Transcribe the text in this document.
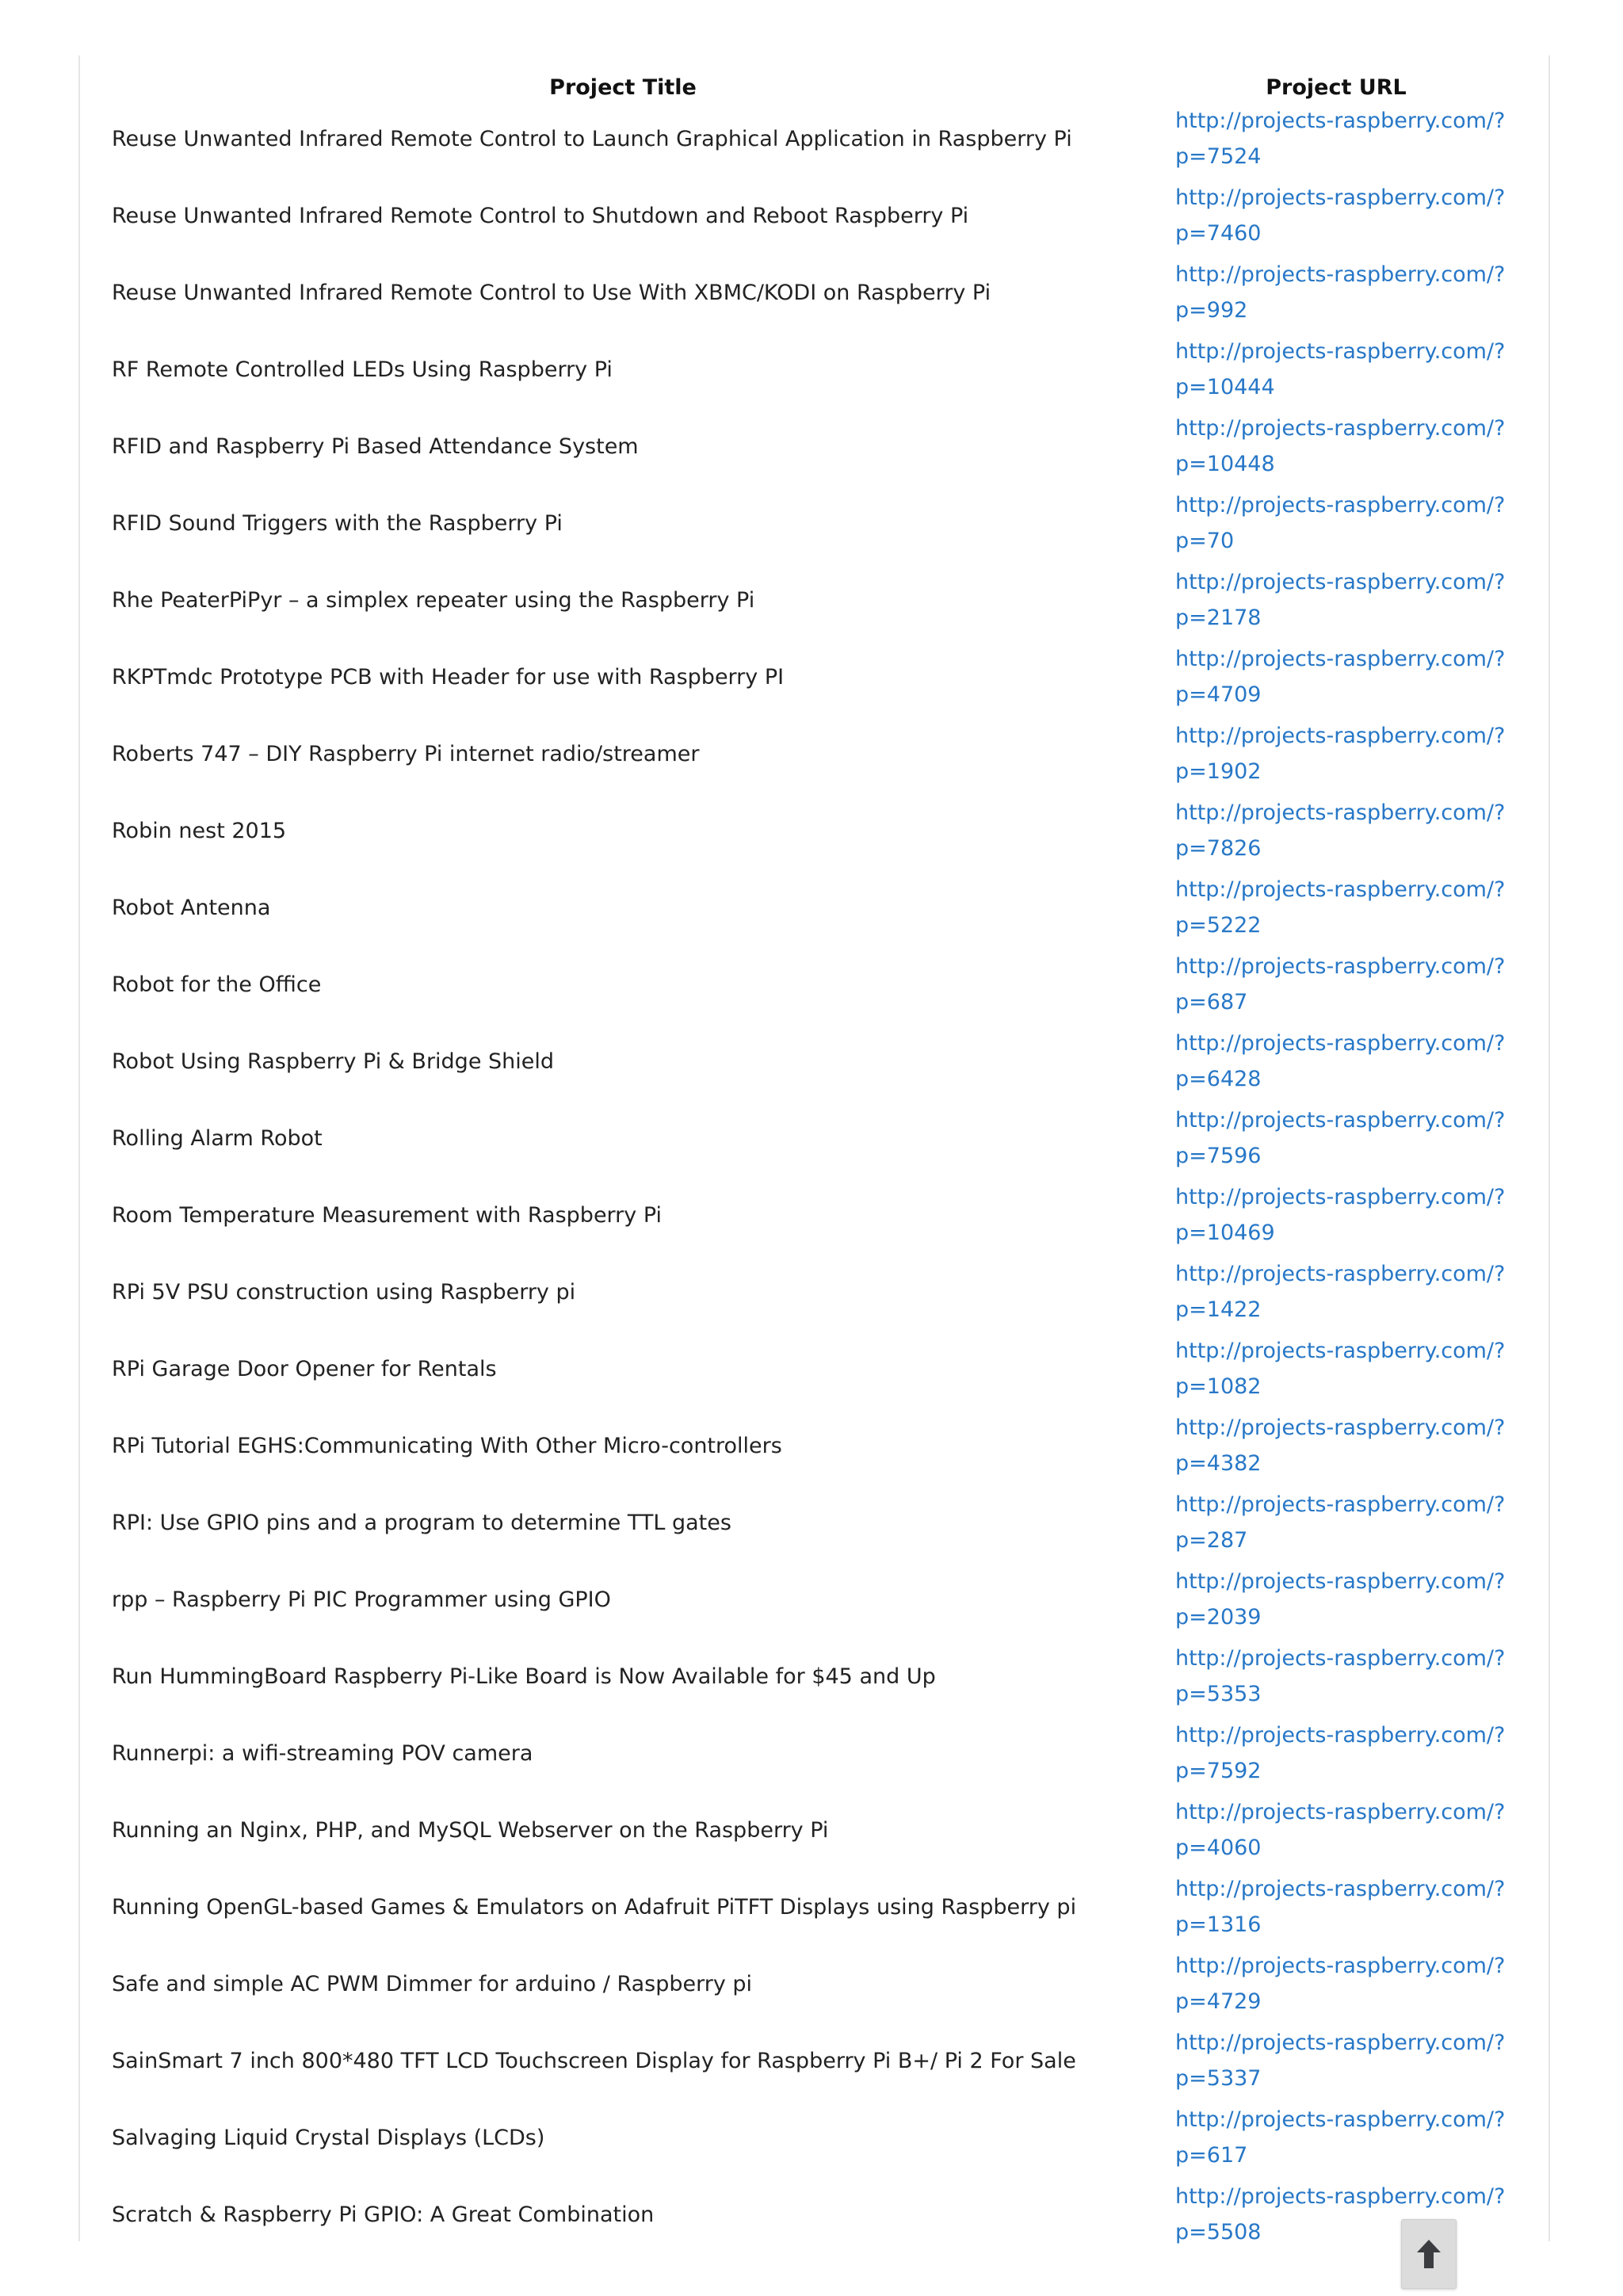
Project Title	Project URL
Reuse Unwanted Infrared Remote Control to Launch Graphical Application in Raspberry Pi	http://projects-raspberry.com/?p=7524

Reuse Unwanted Infrared Remote Control to Shutdown and Reboot Raspberry Pi	http://projects-raspberry.com/?p=7460

Reuse Unwanted Infrared Remote Control to Use With XBMC/KODI on Raspberry Pi	http://projects-raspberry.com/?p=992

RF Remote Controlled LEDs Using Raspberry Pi	http://projects-raspberry.com/?p=10444

RFID and Raspberry Pi Based Attendance System	http://projects-raspberry.com/?p=10448

RFID Sound Triggers with the Raspberry Pi	http://projects-raspberry.com/?p=70

Rhe PeaterPiPyr – a simplex repeater using the Raspberry Pi	http://projects-raspberry.com/?p=2178

RKPTmdc Prototype PCB with Header for use with Raspberry PI	http://projects-raspberry.com/?p=4709

Roberts 747 – DIY Raspberry Pi internet radio/streamer	http://projects-raspberry.com/?p=1902

Robin nest 2015	http://projects-raspberry.com/?p=7826

Robot Antenna	http://projects-raspberry.com/?p=5222

Robot for the Office	http://projects-raspberry.com/?p=687

Robot Using Raspberry Pi & Bridge Shield	http://projects-raspberry.com/?p=6428

Rolling Alarm Robot	http://projects-raspberry.com/?p=7596

Room Temperature Measurement with Raspberry Pi	http://projects-raspberry.com/?p=10469

RPi 5V PSU construction using Raspberry pi	http://projects-raspberry.com/?p=1422

RPi Garage Door Opener for Rentals	http://projects-raspberry.com/?p=1082

RPi Tutorial EGHS:Communicating With Other Micro-controllers	http://projects-raspberry.com/?p=4382

RPI: Use GPIO pins and a program to determine TTL gates	http://projects-raspberry.com/?p=287

rpp – Raspberry Pi PIC Programmer using GPIO	http://projects-raspberry.com/?p=2039

Run HummingBoard Raspberry Pi-Like Board is Now Available for $45 and Up	http://projects-raspberry.com/?p=5353

Runnerpi: a wifi-streaming POV camera	http://projects-raspberry.com/?p=7592

Running an Nginx, PHP, and MySQL Webserver on the Raspberry Pi	http://projects-raspberry.com/?p=4060

Running OpenGL-based Games & Emulators on Adafruit PiTFT Displays using Raspberry pi	http://projects-raspberry.com/?p=1316

Safe and simple AC PWM Dimmer for arduino / Raspberry pi	http://projects-raspberry.com/?p=4729

SainSmart 7 inch 800*480 TFT LCD Touchscreen Display for Raspberry Pi B+/ Pi 2 For Sale	http://projects-raspberry.com/?p=5337

Salvaging Liquid Crystal Displays (LCDs)	http://projects-raspberry.com/?p=617

Scratch & Raspberry Pi GPIO: A Great Combination	http://projects-raspberry.com/?p=5508
